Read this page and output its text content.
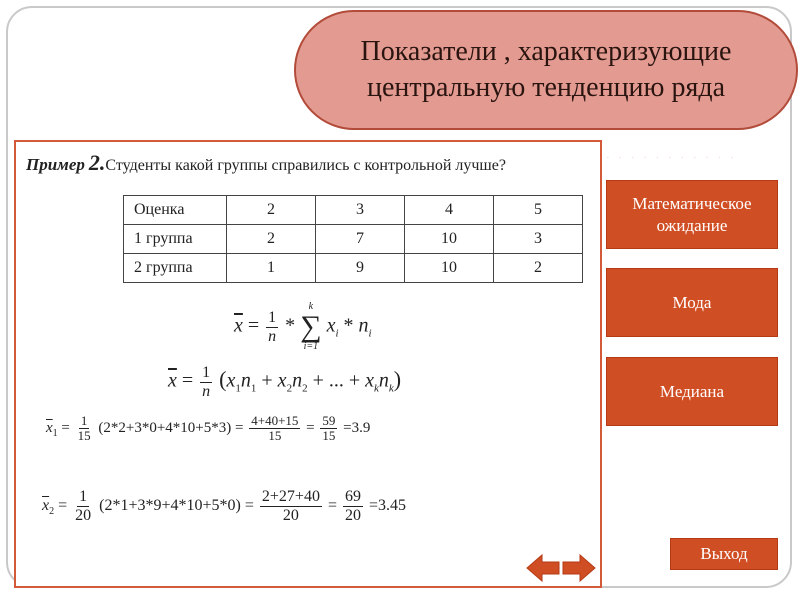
Показатели , характеризующие центральную тенденцию ряда
· · · · · · · · · · ·
Пример 2.Студенты какой группы справились с контрольной лучше?
Оценка	2	3	4	5
1 группа	2	7	10	3
2 группа	1	9	10	2
$\overline{x} = \frac{1}{n}$ *
k
∑
i=1
$x_i * n_i$
$\overline{x} = \frac{1}{n} (x_1n_1 + x_2n_2$ + ... + $x_kn_k$)
$\overline{x}_1 = \frac{1}{15} (2*2+3*0+4*10+5*3) = \frac{4+40+15}{15} = \frac{59}{15} =3.9$
$\overline{x}_2 = \frac{1}{20} (2*1+3*9+4*10+5*0) = \frac{2+27+40}{20} = \frac{69}{20} =3.45$
Математическое ожидание
Мода
Медиана
Выход
